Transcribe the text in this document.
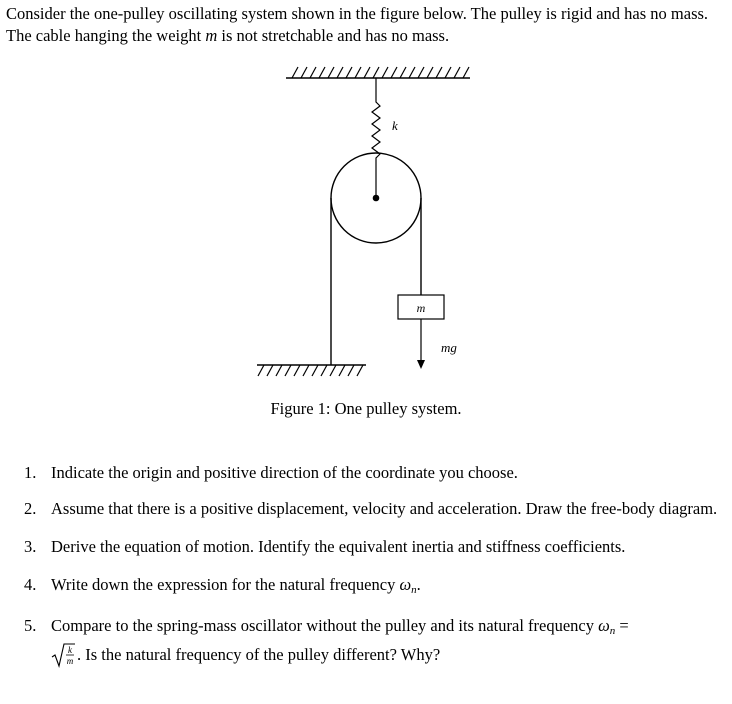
Consider the one-pulley oscillating system shown in the figure below. The pulley is rigid and has no mass. The cable hanging the weight m is not stretchable and has no mass.

k
m
mg

Figure 1: One pulley system.

1. Indicate the origin and positive direction of the coordinate you choose.
2. Assume that there is a positive displacement, velocity and acceleration. Draw the free-body diagram.
3. Derive the equation of motion. Identify the equivalent inertia and stiffness coefficients.
4. Write down the expression for the natural frequency $\omega_n$.
5. Compare to the spring-mass oscillator without the pulley and its natural frequency $\omega_n$ =

k
m . Is the natural frequency of the pulley different? Why?
